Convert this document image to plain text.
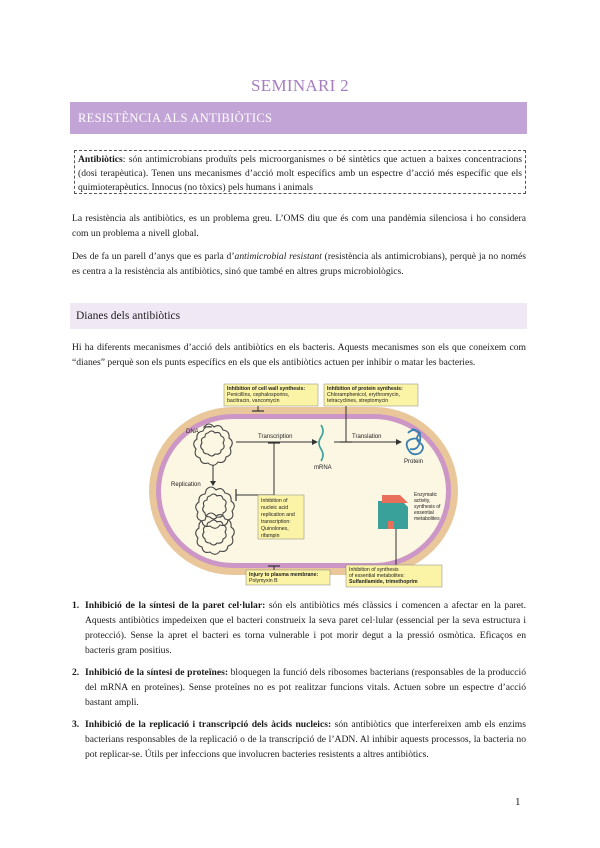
SEMINARI 2
RESISTÈNCIA ALS ANTIBIÒTICS
Antibiòtics: són antimicrobians produïts pels microorganismes o bé sintètics que actuen a baixes concentracions (dosi terapèutica). Tenen uns mecanismes d’acció molt específics amb un espectre d’acció més específic que els quimioterapèutics. Innocus (no tòxics) pels humans i animals

La resistència als antibiòtics, es un problema greu. L’OMS diu que és com una pandèmia silenciosa i ho considera com un problema a nivell global.

Des de fa un parell d’anys que es parla d’antimicrobial resistant (resistència als antimicrobians), perquè ja no només es centra a la resistència als antibiòtics, sinó que també en altres grups microbiològics.

Dianes dels antibiòtics

Hi ha diferents mecanismes d’acció dels antibiòtics en els bacteris. Aquests mecanismes son els que coneixem com “dianes” perquè son els punts específics en els que els antibiòtics actuen per inhibir o matar les bacteries.

DNA
Replication
Transcription	Translation
mRNA
Protein
Enzymatic
activity,
synthesis of
essential
metabolites
Inhibition of cell wall synthesis:
Penicillins, cephalosporins,
bacitracin, vancomycin
Inhibition of protein synthesis:
Chloramphenicol, erythromycin,
tetracyclines, streptomycin
Inhibition of
nucleic acid
replication and
transcription:
Quinolones,
rifampin
Injury to plasma membrane:
Polymyxin B
Inhibition of synthesis
of essential metabolites:
Sulfanilamide, trimethoprim
1. Inhibició de la síntesi de la paret cel·lular: són els antibiòtics més clàssics i comencen a afectar en la paret. Aquests antibiòtics impedeixen que el bacteri construeix la seva paret cel·lular (essencial per la seva estructura i protecció). Sense la apret el bacteri es torna vulnerable i pot morir degut a la pressió osmòtica. Eficaços en bacteris gram positius.
2. Inhibició de la síntesi de proteïnes: bloquegen la funció dels ribosomes bacterians (responsables de la producció del mRNA en proteïnes). Sense proteïnes no es pot realitzar funcions vitals. Actuen sobre un espectre d’acció bastant ampli.
3. Inhibició de la replicació i transcripció dels àcids nucleics: són antibiòtics que interfereixen amb els enzims bacterians responsables de la replicació o de la transcripció de l’ADN. Al inhibir aquests processos, la bacteria no pot replicar-se. Útils per infeccions que involucren bacteries resistents a altres antibiòtics.
1
